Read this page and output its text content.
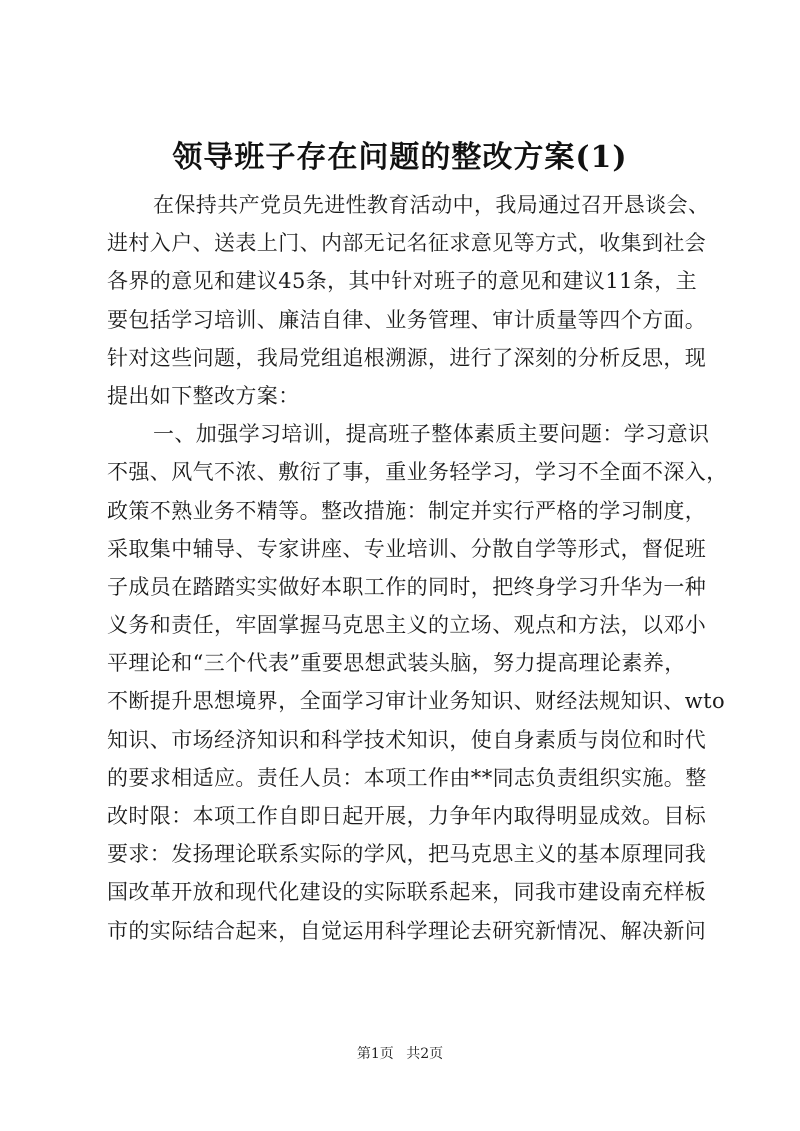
领导班子存在问题的整改方案(1)
在保持共产党员先进性教育活动中，我局通过召开恳谈会、
进村入户、送表上门、内部无记名征求意见等方式，收集到社会
各界的意见和建议45条，其中针对班子的意见和建议11条，主
要包括学习培训、廉洁自律、业务管理、审计质量等四个方面。
针对这些问题，我局党组追根溯源，进行了深刻的分析反思，现
提出如下整改方案：
一、加强学习培训，提高班子整体素质主要问题：学习意识
不强、风气不浓、敷衍了事，重业务轻学习，学习不全面不深入，
政策不熟业务不精等。整改措施：制定并实行严格的学习制度，
采取集中辅导、专家讲座、专业培训、分散自学等形式，督促班
子成员在踏踏实实做好本职工作的同时，把终身学习升华为一种
义务和责任，牢固掌握马克思主义的立场、观点和方法，以邓小
平理论和“三个代表”重要思想武装头脑，努力提高理论素养，
不断提升思想境界，全面学习审计业务知识、财经法规知识、wto
知识、市场经济知识和科学技术知识，使自身素质与岗位和时代
的要求相适应。责任人员：本项工作由**同志负责组织实施。整
改时限：本项工作自即日起开展，力争年内取得明显成效。目标
要求：发扬理论联系实际的学风，把马克思主义的基本原理同我
国改革开放和现代化建设的实际联系起来，同我市建设南充样板
市的实际结合起来，自觉运用科学理论去研究新情况、解决新问
第1页 共2页
